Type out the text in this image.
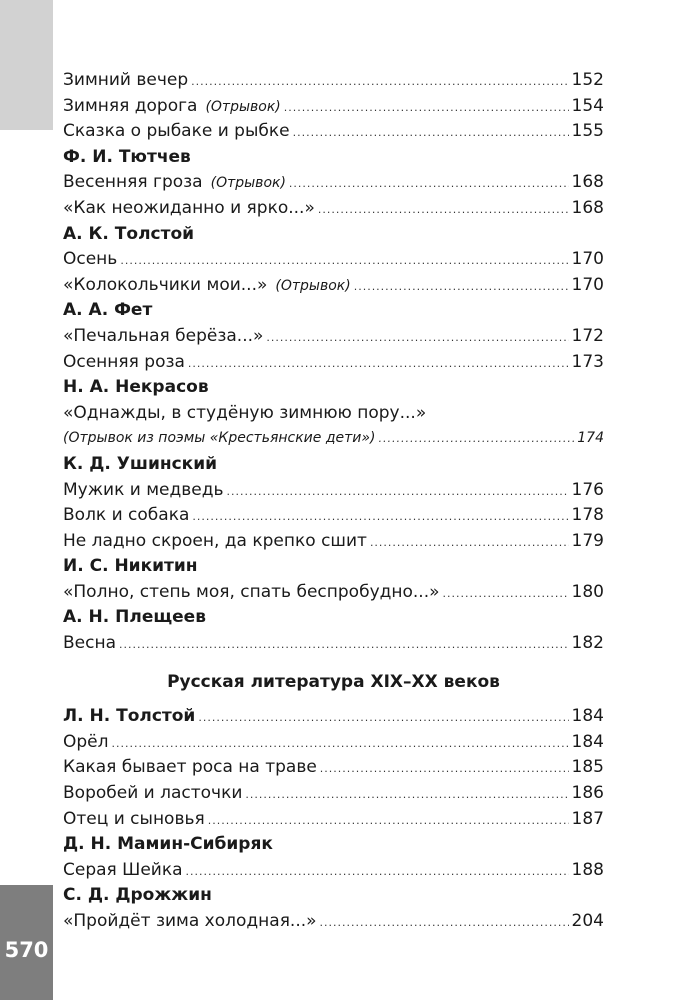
570
Зимний вечер .....	152
Зимняя дорога (Отрывок) .....	154
Сказка о рыбаке и рыбке .....	155
Ф. И. Тютчев
Весенняя гроза (Отрывок) .....	168
«Как неожиданно и ярко...» .....	168
А. К. Толстой
Осень .....	170
«Колокольчики мои...» (Отрывок) .....	170
А. А. Фет
«Печальная берёза...» .....	172
Осенняя роза .....	173
Н. А. Некрасов
«Однажды, в студёную зимнюю пору...»
(Отрывок из поэмы «Крестьянские дети») .....	174
К. Д. Ушинский
Мужик и медведь .....	176
Волк и собака .....	178
Не ладно скроен, да крепко сшит .....	179
И. С. Никитин
«Полно, степь моя, спать беспробудно...» .....	180
А. Н. Плещеев
Весна .....	182
Русская литература XIX–XX веков
Л. Н. Толстой .....	184
Орёл .....	184
Какая бывает роса на траве .....	185
Воробей и ласточки .....	186
Отец и сыновья .....	187
Д. Н. Мамин-Сибиряк
Серая Шейка .....	188
С. Д. Дрожжин
«Пройдёт зима холодная...» .....	204
